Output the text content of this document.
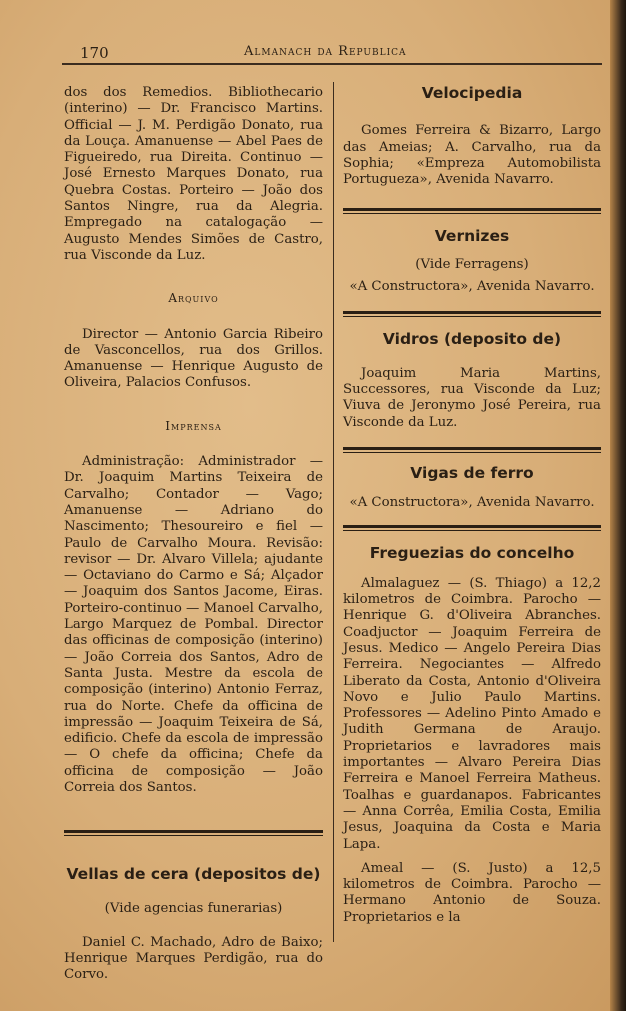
170	Almanach da Republica

dos dos Remedios. Bibliothecario (interino) — Dr. Francisco Martins. Official — J. M. Perdigão Donato, rua da Louça. Amanuense — Abel Paes de Figueiredo, rua Direita. Continuo — José Ernesto Marques Donato, rua Quebra Costas. Porteiro — João dos Santos Ningre, rua da Alegria. Empregado na catalogação — Augusto Mendes Simões de Castro, rua Visconde da Luz.

Arquivo

Director — Antonio Garcia Ribeiro de Vasconcellos, rua dos Grillos. Amanuense — Henrique Augusto de Oliveira, Palacios Confusos.

Imprensa

Administração: Administrador — Dr. Joaquim Martins Teixeira de Carvalho; Contador — Vago; Amanuense — Adriano do Nascimento; Thesoureiro e fiel — Paulo de Carvalho Moura. Revisão: revisor — Dr. Alvaro Villela; ajudante — Octaviano do Carmo e Sá; Alçador — Joaquim dos Santos Jacome, Eiras. Porteiro-continuo — Manoel Carvalho, Largo Marquez de Pombal. Director das officinas de composição (interino) — João Correia dos Santos, Adro de Santa Justa. Mestre da escola de composição (interino) Antonio Ferraz, rua do Norte. Chefe da officina de impressão — Joaquim Teixeira de Sá, edificio. Chefe da escola de impressão — O chefe da officina; Chefe da officina de composição — João Correia dos Santos.

Vellas de cera (depositos de)
(Vide agencias funerarias)

Daniel C. Machado, Adro de Baixo; Henrique Marques Perdigão, rua do Corvo.

Velocipedia

Gomes Ferreira & Bizarro, Largo das Ameias; A. Carvalho, rua da Sophia; «Empreza Automobilista Portugueza», Avenida Navarro.

Vernizes
(Vide Ferragens)
«A Constructora», Avenida Navarro.
Vidros (deposito de)

Joaquim Maria Martins, Successores, rua Visconde da Luz; Viuva de Jeronymo José Pereira, rua Visconde da Luz.

Vigas de ferro
«A Constructora», Avenida Navarro.
Freguezias do concelho

Almalaguez — (S. Thiago) a 12,2 kilometros de Coimbra. Parocho — Henrique G. d'Oliveira Abranches. Coadjuctor — Joaquim Ferreira de Jesus. Medico — Angelo Pereira Dias Ferreira. Negociantes — Alfredo Liberato da Costa, Antonio d'Oliveira Novo e Julio Paulo Martins. Professores — Adelino Pinto Amado e Judith Germana de Araujo. Proprietarios e lavradores mais importantes — Alvaro Pereira Dias Ferreira e Manoel Ferreira Matheus. Toalhas e guardanapos. Fabricantes — Anna Corrêa, Emilia Costa, Emilia Jesus, Joaquina da Costa e Maria Lapa.

Ameal — (S. Justo) a 12,5 kilometros de Coimbra. Parocho — Hermano Antonio de Souza. Proprietarios e la
